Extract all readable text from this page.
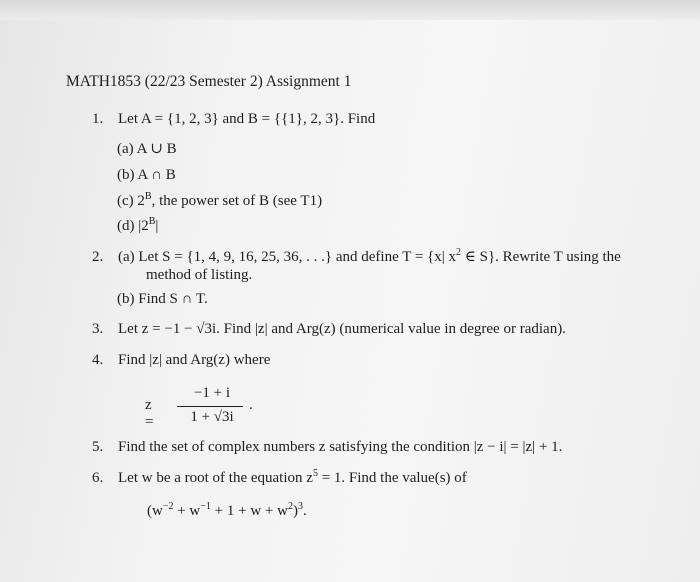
MATH1853 (22/23 Semester 2) Assignment 1
1. Let A = {1, 2, 3} and B = {{1}, 2, 3}. Find
(a) A ∪ B
(b) A ∩ B
(c) $2^B$, the power set of B (see T1)
(d) $|2^B|$
2. (a) Let S = {1, 4, 9, 16, 25, 36, . . .} and define T = {x| $x^2$ ∈ S}. Rewrite T using the
method of listing.
(b) Find S ∩ T.
3. Let z = −1 − √3i. Find |z| and Arg(z) (numerical value in degree or radian).
4. Find |z| and Arg(z) where
z =
−1 + i
1 + √3i
.
5. Find the set of complex numbers z satisfying the condition |z − i| = |z| + 1.
6. Let w be a root of the equation $z^5 = 1$. Find the value(s) of
$(w^{-2} + w^{-1} + 1 + w + w^2)^3$.
